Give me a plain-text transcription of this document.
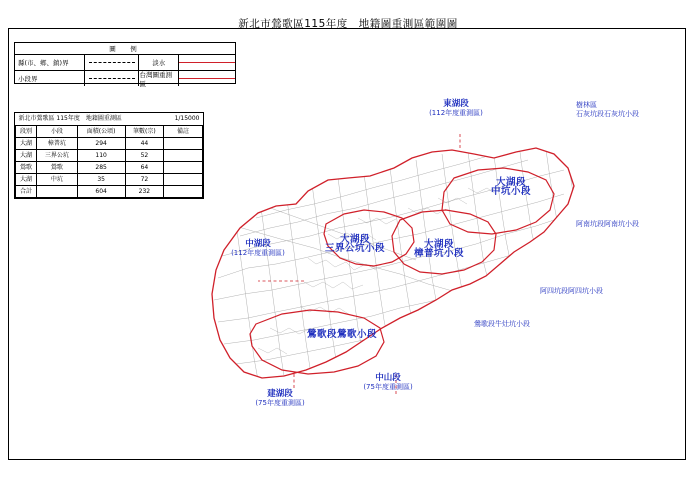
新北市鶯歌區115年度　地籍圖重測區範圍圖
圖　例
縣(市、鄉、鎮)界	淡水
小段界
台灣圖重測區
新北市鶯歌區 115年度　地籍圖重測區				1/15000
段別	小段	面積(公頃)	筆數(宗)	備註
大湖	樟普坑	294	44	
大湖	三界公坑	110	52	
鶯歌	鶯歌	285	64	
大湖	中坑	35	72	
合計		604	232	
東湖段
(112年度重測區)
樹林區
石灰坑段石灰坑小段
大湖段
中坑小段
阿南坑段阿南坑小段
阿四坑段阿四坑小段
鶯歌段牛灶坑小段
大湖段
三界公坑小段	大湖段
樟普坑小段
鶯歌段鶯歌小段
中湖段
(112年度重測區)
建湖段
(75年度重測區)
中山段
(75年度重測區)
